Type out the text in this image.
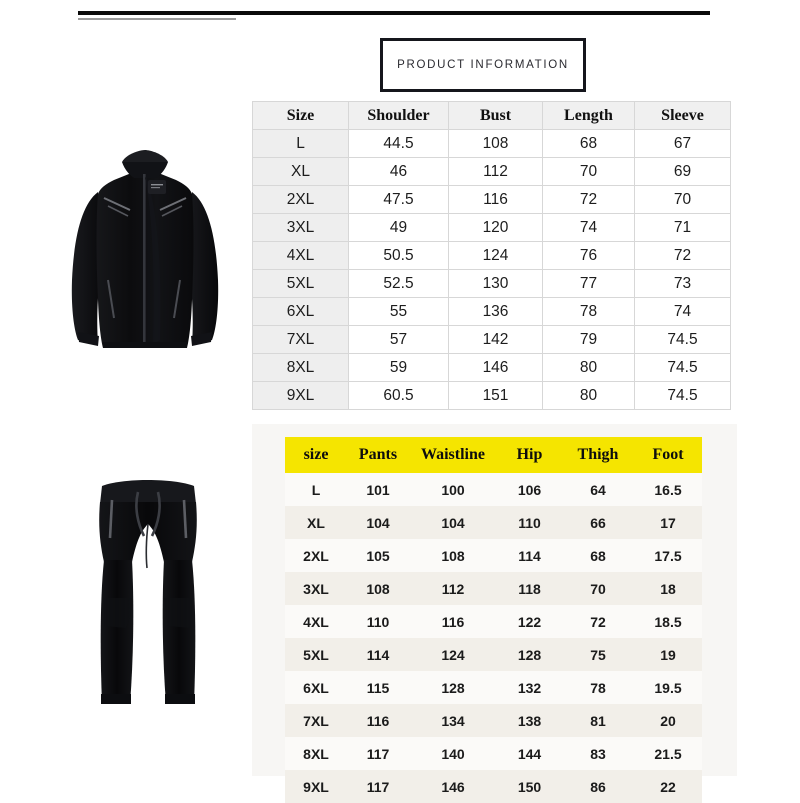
PRODUCT INFORMATION
Size	Shoulder	Bust	Length	Sleeve
L	44.5	108	68	67
XL	46	112	70	69
2XL	47.5	116	72	70
3XL	49	120	74	71
4XL	50.5	124	76	72
5XL	52.5	130	77	73
6XL	55	136	78	74
7XL	57	142	79	74.5
8XL	59	146	80	74.5
9XL	60.5	151	80	74.5
size	Pants	Waistline	Hip	Thigh	Foot
L	101	100	106	64	16.5
XL	104	104	110	66	17
2XL	105	108	114	68	17.5
3XL	108	112	118	70	18
4XL	110	116	122	72	18.5
5XL	114	124	128	75	19
6XL	115	128	132	78	19.5
7XL	116	134	138	81	20
8XL	117	140	144	83	21.5
9XL	117	146	150	86	22
